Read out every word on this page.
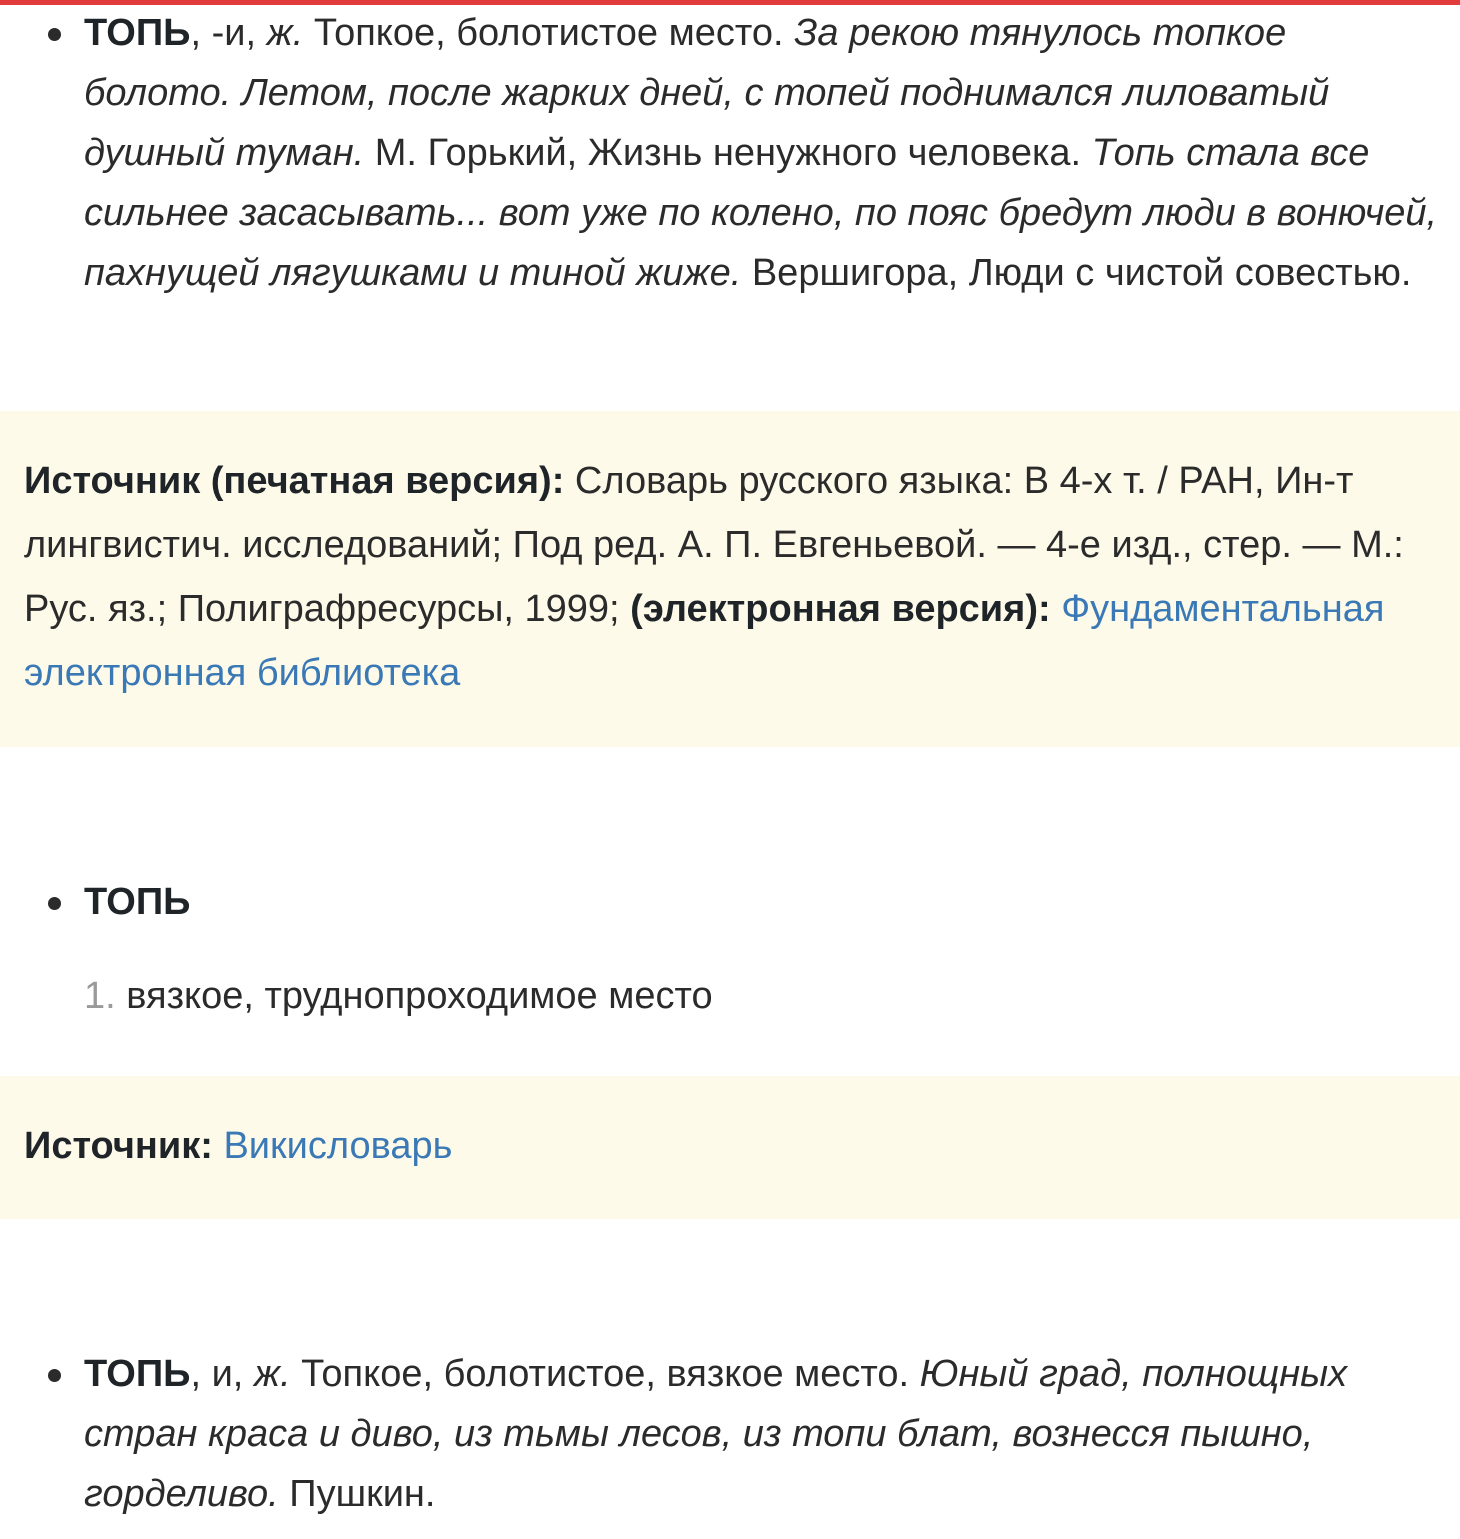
ТОПЬ, -и, ж. Топкое, болотистое место. За рекою тянулось топкое болото. Летом, после жарких дней, с топей поднимался лиловатый душный туман. М. Горький, Жизнь ненужного человека. Топь стала все сильнее засасывать... вот уже по колено, по пояс бредут люди в вонючей, пахнущей лягушками и тиной жиже. Вершигора, Люди с чистой совестью.
Источник (печатная версия): Словарь русского языка: В 4-х т. / РАН, Ин-т лингвистич. исследований; Под ред. А. П. Евгеньевой. — 4-е изд., стер. — М.: Рус. яз.; Полиграфресурсы, 1999; (электронная версия): Фундаментальная электронная библиотека
ТОПЬ
1. вязкое, труднопроходимое место
Источник: Викисловарь
ТОПЬ, и, ж. Топкое, болотистое, вязкое место. Юный град, полнощных стран краса и диво, из тьмы лесов, из топи блат, вознесся пышно, горделиво. Пушкин.
